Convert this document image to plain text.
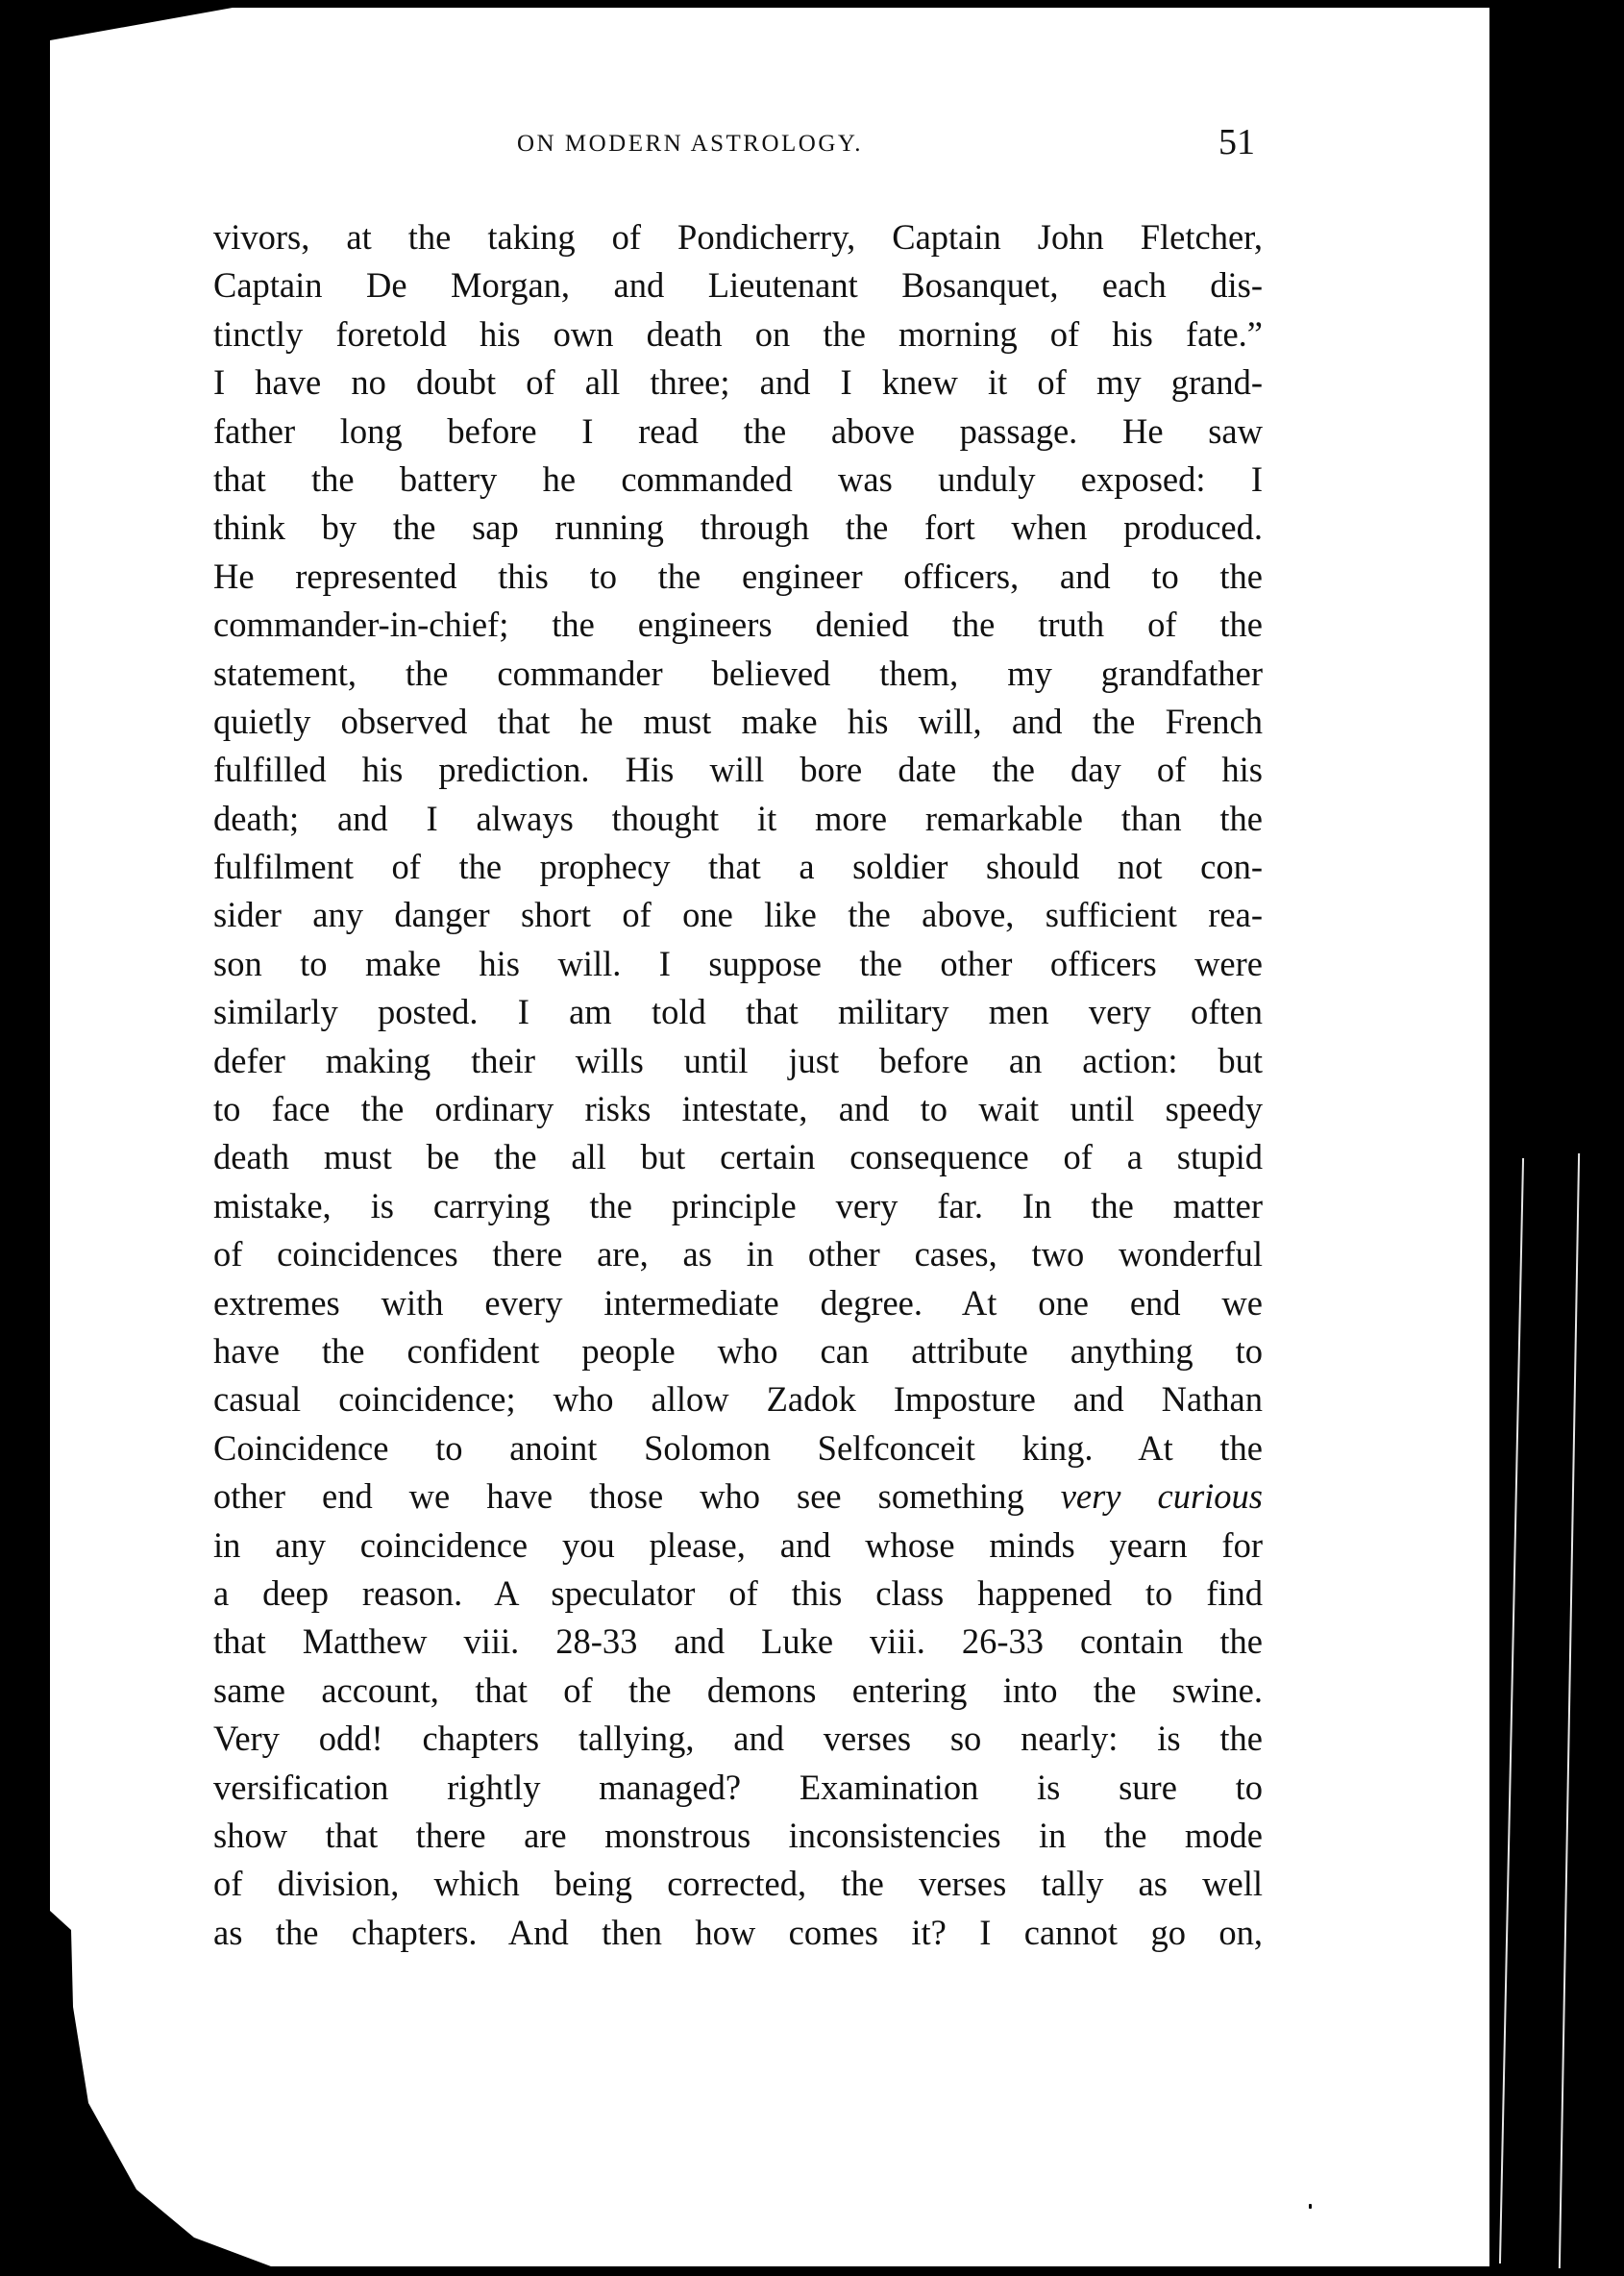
ON MODERN ASTROLOGY.	51
vivors, at the taking of Pondicherry, Captain John Fletcher,
Captain De Morgan, and Lieutenant Bosanquet, each dis-
tinctly foretold his own death on the morning of his fate.”
I have no doubt of all three; and I knew it of my grand-
father long before I read the above passage. He saw
that the battery he commanded was unduly exposed: I
think by the sap running through the fort when produced.
He represented this to the engineer officers, and to the
commander-in-chief; the engineers denied the truth of the
statement, the commander believed them, my grandfather
quietly observed that he must make his will, and the French
fulfilled his prediction. His will bore date the day of his
death; and I always thought it more remarkable than the
fulfilment of the prophecy that a soldier should not con-
sider any danger short of one like the above, sufficient rea-
son to make his will. I suppose the other officers were
similarly posted. I am told that military men very often
defer making their wills until just before an action: but
to face the ordinary risks intestate, and to wait until speedy
death must be the all but certain consequence of a stupid
mistake, is carrying the principle very far. In the matter
of coincidences there are, as in other cases, two wonderful
extremes with every intermediate degree. At one end we
have the confident people who can attribute anything to
casual coincidence; who allow Zadok Imposture and Nathan
Coincidence to anoint Solomon Selfconceit king. At the
other end we have those who see something very curious
in any coincidence you please, and whose minds yearn for
a deep reason. A speculator of this class happened to find
that Matthew viii. 28-33 and Luke viii. 26-33 contain the
same account, that of the demons entering into the swine.
Very odd! chapters tallying, and verses so nearly: is the
versification rightly managed? Examination is sure to
show that there are monstrous inconsistencies in the mode
of division, which being corrected, the verses tally as well
as the chapters. And then how comes it? I cannot go on,
